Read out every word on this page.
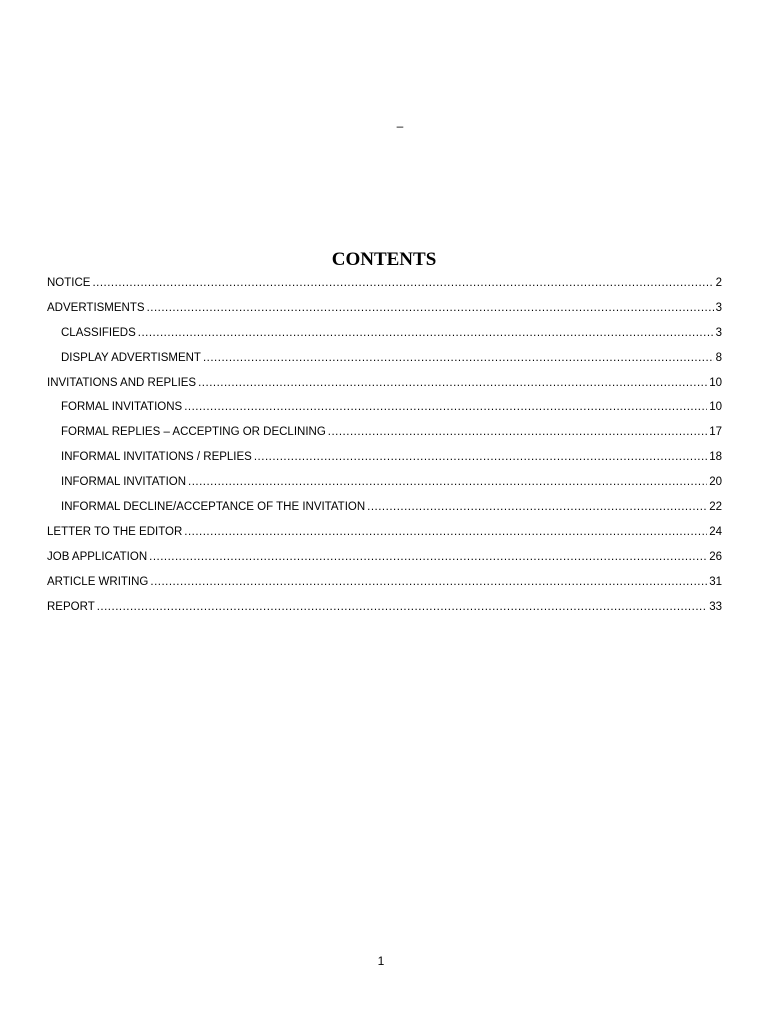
–
CONTENTS
NOTICE .....	2
ADVERTISMENTS .....	3
CLASSIFIEDS .....	3
DISPLAY ADVERTISMENT .....	8
INVITATIONS AND REPLIES .....	10
FORMAL INVITATIONS .....	10
FORMAL REPLIES – ACCEPTING OR DECLINING .....	17
INFORMAL INVITATIONS / REPLIES .....	18
INFORMAL INVITATION .....	20
INFORMAL DECLINE/ACCEPTANCE OF THE INVITATION .....	22
LETTER TO THE EDITOR .....	24
JOB APPLICATION .....	26
ARTICLE WRITING .....	31
REPORT .....	33
1
